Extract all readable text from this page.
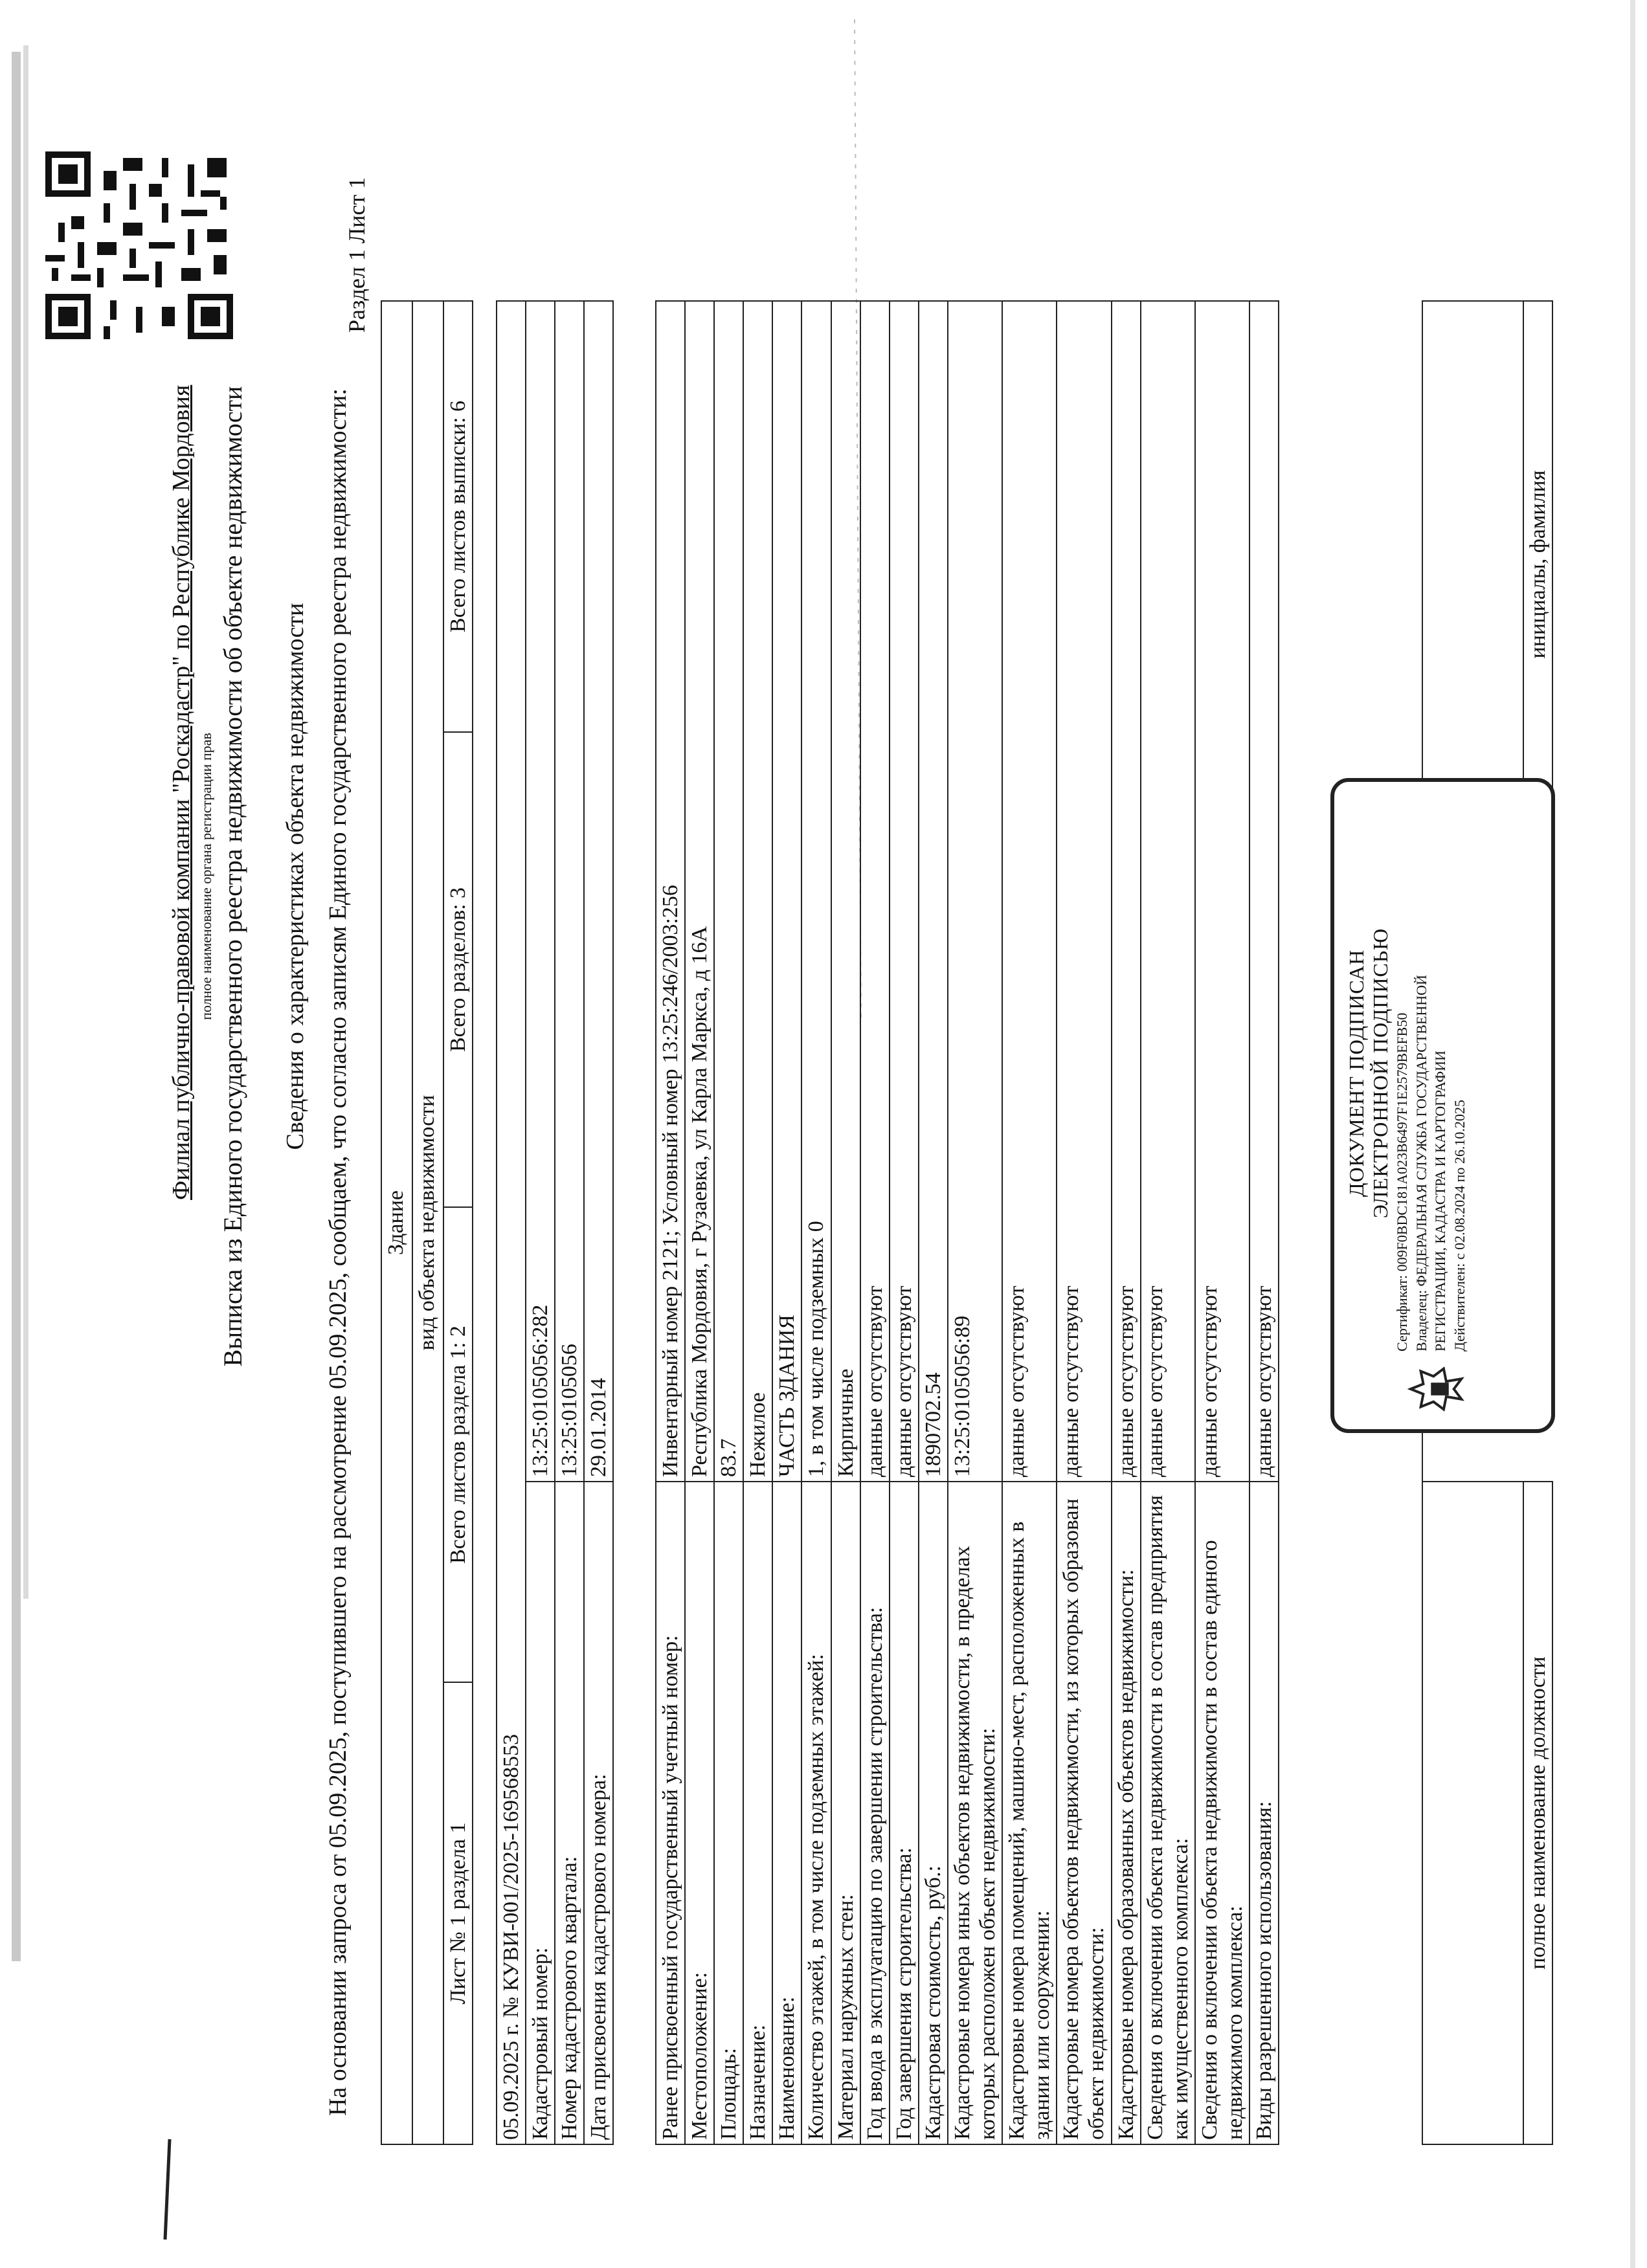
Филиал публично-правовой компании "Роскадастр" по Республике Мордовия полное наименование органа регистрации прав Выписка из Единого государственного реестра недвижимости об объекте недвижимости Сведения о характеристиках объекта недвижимости На основании запроса от 05.09.2025, поступившего на рассмотрение 05.09.2025, сообщаем, что согласно записям Единого государственного реестра недвижимости:
Раздел 1 Лист 1
Здание
вид объекта недвижимости
Лист № 1 раздела 1	Всего листов раздела 1: 2	Всего разделов: 3	Всего листов выписки: 6
05.09.2025 г. № КУВИ-001/2025-169568553	
Кадастровый номер:	13:25:0105056:282
Номер кадастрового квартала:	13:25:0105056
Дата присвоения кадастрового номера:	29.01.2014
Ранее присвоенный государственный учетный номер:	Инвентарный номер 2121; Условный номер 13:25:246/2003:256
Местоположение:	Республика Мордовия, г Рузаевка, ул Карла Маркса, д 16А
Площадь:	83.7
Назначение:	Нежилое
Наименование:	ЧАСТЬ ЗДАНИЯ
Количество этажей, в том числе подземных этажей:	1, в том числе подземных 0
Материал наружных стен:	Кирпичные
Год ввода в эксплуатацию по завершении строительства:	данные отсутствуют
Год завершения строительства:	данные отсутствуют
Кадастровая стоимость, руб.:	1890702.54
Кадастровые номера иных объектов недвижимости, в пределах которых расположен объект недвижимости:	13:25:0105056:89
Кадастровые номера помещений, машино-мест, расположенных в здании или сооружении:	данные отсутствуют
Кадастровые номера объектов недвижимости, из которых образован объект недвижимости:	данные отсутствуют
Кадастровые номера образованных объектов недвижимости:	данные отсутствуют
Сведения о включении объекта недвижимости в состав предприятия как имущественного комплекса:	данные отсутствуют
Сведения о включении объекта недвижимости в состав единого недвижимого комплекса:	данные отсутствуют
Виды разрешенного использования:	данные отсутствуют

полное наименование должности		инициалы, фамилия
ДОКУМЕНТ ПОДПИСАН ЭЛЕКТРОННОЙ ПОДПИСЬЮ Сертификат: 009F0BDC181A023B6497F1E2579BEFB50 Владелец: ФЕДЕРАЛЬНАЯ СЛУЖБА ГОСУДАРСТВЕННОЙ РЕГИСТРАЦИИ, КАДАСТРА И КАРТОГРАФИИ Действителен: с 02.08.2024 по 26.10.2025
